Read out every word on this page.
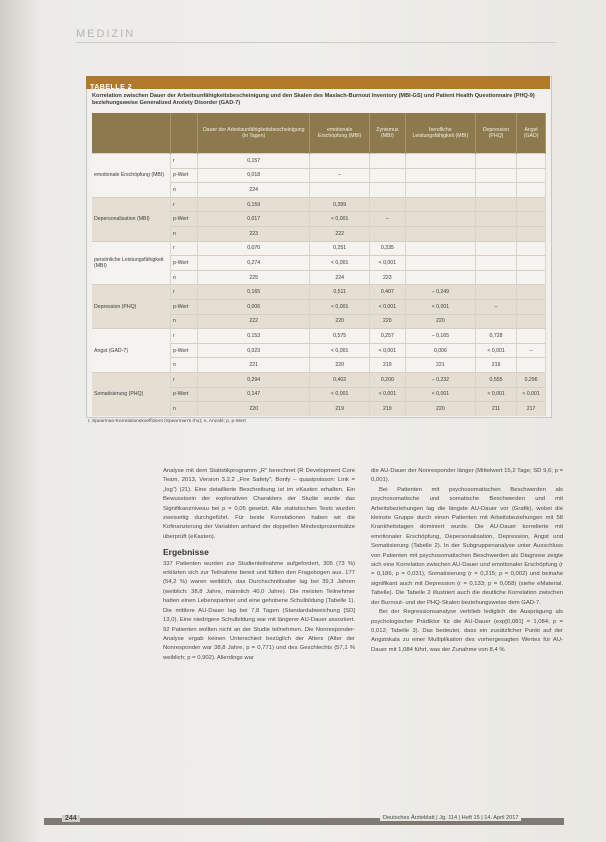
MEDIZIN
TABELLE 2
Korrelation zwischen Dauer der Arbeitsunfähigkeitsbescheinigung und den Skalen des Maslach-Burnout Inventory (MBI-GS) und Patient Health Questionnaire (PHQ-9) beziehungsweise Generalized Anxiety Disorder (GAD-7)
		Dauer der Arbeitsunfähigkeitsbescheinigung (in Tagen)	emotionale Erschöpfung (MBI)	Zynismus (MBI)	berufliche Leistungsfähigkeit (MBI)	Depression (PHQ)	Angst (GAD)
emotionale Erschöpfung (MBI)	r	0,157					
	p-Wert	0,018	–				
	n	224					
Depersonalisation (MBI)	r	0,159	0,399				
	p-Wert	0,017	< 0,001	–			
	n	223	222				
persönliche Leistungsfähigkeit (MBI)	r	0,070	0,251	0,335			
	p-Wert	0,274	< 0,001	< 0,001			
	n	225	224	223			
Depression (PHQ)	r	0,165	0,511	0,407	– 0,249		
	p-Wert	0,006	< 0,001	< 0,001	< 0,001	–	
	n	222	220	220	220		
Angst (GAD-7)	r	0,153	0,575	0,257	– 0,165	0,728	
	p-Wert	0,023	< 0,001	< 0,001	0,006	< 0,001	–
	n	221	220	219	221	219	
Somatisierung (PHQ)	r	0,294	0,402	0,200	– 0,232	0,555	0,296
	p-Wert	0,147	< 0,001	< 0,001	< 0,001	< 0,001	< 0,001
	n	220	219	219	220	211	217
r, Spearman-Korrelationskoeffizient (Spearman's rho); n, Anzahl; p, p-Wert

Analyse mit dem Statistikprogramm „R“ berechnet (R Development Core Team, 2013, Version 3.2.2 „Fire Safety“; Bonfy – quasipoisson: Link = „log“) (21). Eine detaillierte Beschreibung ist im eKasten erhalten. Ein Bewusstsein der explorativen Charakters der Studie wurde das Signifikanzniveau bei p = 0,05 gesetzt. Alle statistischen Tests wurden zweiseitig durchgeführt. Für beide Korrelationen haben wir die Kofinanzierung der Variablen anhand der doppelten Mindestprozentsätze überprüft (eKasten).

Ergebnisse

337 Patienten wurden zur Studienteilnahme aufgefordert, 305 (73 %) erklärten sich zur Teilnahme bereit und füllten den Fragebogen aus. 177 (54,2 %) waren weiblich, das Durchschnittsalter lag bei 39,3 Jahren (weiblich: 38,8 Jahre, männlich 40,0 Jahre). Die meisten Teilnehmer hatten einen Lebenspartner und eine gehobene Schulbildung (Tabelle 1). Die mittlere AU-Dauer lag bei 7,8 Tagen (Standardabweichung [SD] 13,0). Eine niedrigere Schulbildung war mit längerer AU-Dauer assoziiert. 92 Patienten wollten nicht an der Studie teilnehmen. Die Nonresponder-Analyse ergab keinen Unterschied bezüglich der Alters (Alter der Nonresponder war 38,8 Jahre, p = 0,771) und des Geschlechts (57,1 % weiblich; p = 0,902). Allerdings war

die AU-Dauer der Nonresponder länger (Mittelwert 15,2 Tage; SD 9,6; p = 0,001).

Bei Patienten mit psychosomatischen Beschwerden als psychosomatische und somatische Beschwerden und mit Arbeitsbeziehungen lag die längste AU-Dauer vor (Grafik), wobei die kleinste Gruppe durch einen Patienten mit Arbeitsbeziehungen mit 58 Krankheitstagen dominiert wurde. Die AU-Dauer korrelierte mit emotionaler Erschöpfung, Depersonalisation, Depression, Angst und Somatisierung (Tabelle 2). In der Subgruppenanalyse unter Ausschluss von Patienten mit psychosomatischen Beschwerden als Diagnose zeigte sich eine Korrelation zwischen AU-Dauer und emotionaler Erschöpfung (r = 0,186, p = 0,031), Somatisierung (r = 0,215; p = 0,002) und beinahe signifikant auch mit Depression (r = 0,133; p = 0,058) (siehe eMaterial, Tabelle). Die Tabelle 2 illustriert auch die deutliche Korrelation zwischen der Burnout- und der PHQ-Skalen beziehungsweise dem GAD-7.

Bei der Regressionsanalyse verblieb lediglich die Ausprägung als psychologischer Prädiktor für die AU-Dauer (exp[0,081] = 1,084; p = 0,012; Tabelle 3). Das bedeutet, dass ein zusätzlicher Punkt auf der Angstskala zu einer Multiplikation des vorhergesagten Wertes für AU-Dauer mit 1,084 führt, was der Zunahme von 8,4 %

244	Deutsches Ärzteblatt | Jg. 114 | Heft 15 | 14. April 2017
